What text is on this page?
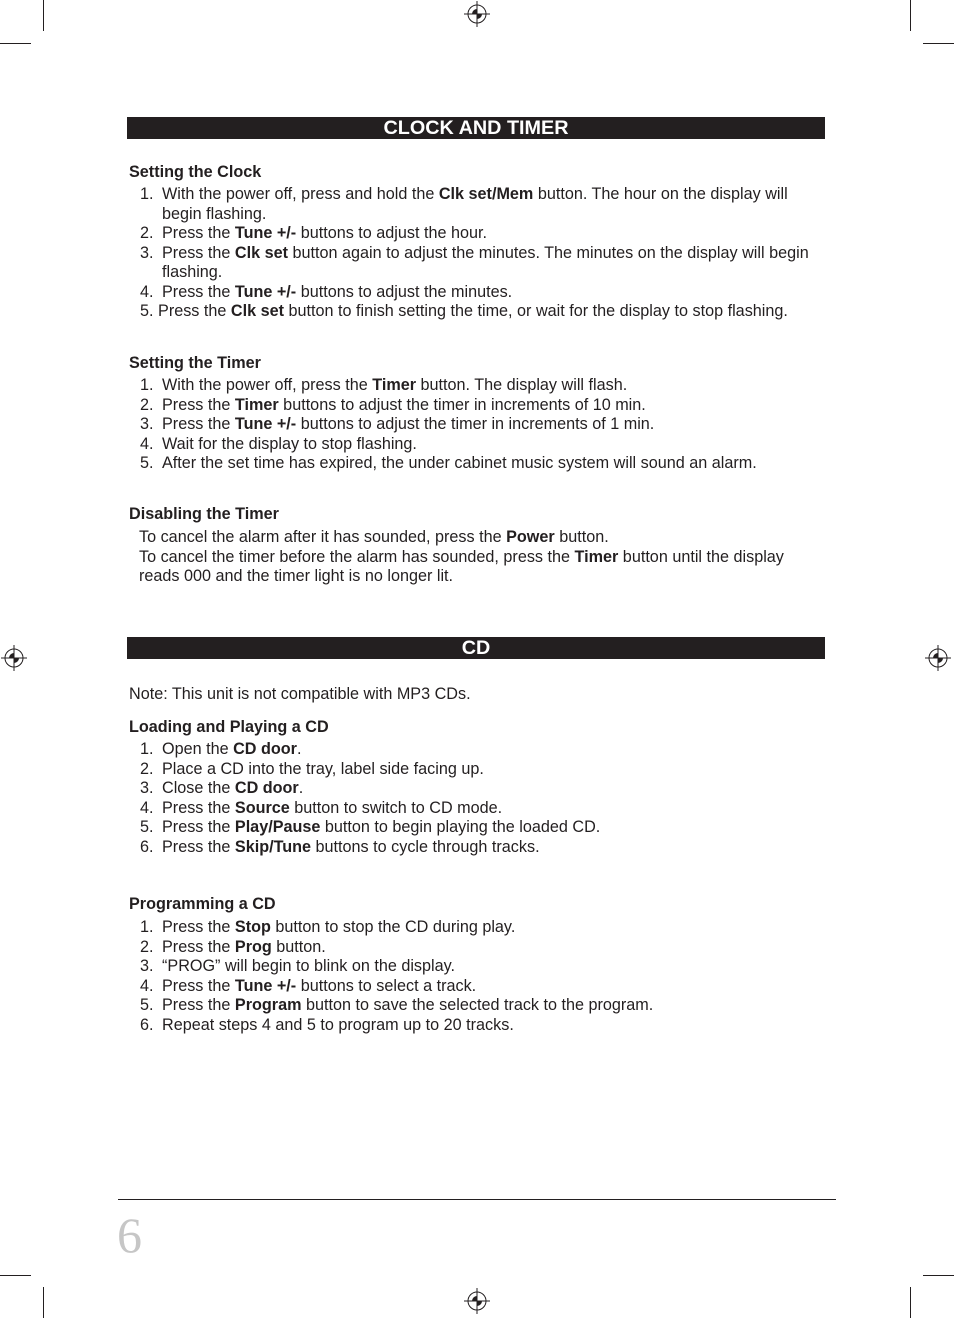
CLOCK AND TIMER
Setting the Clock
1. With the power off, press and hold the Clk set/Mem button. The hour on the display will begin flashing.
2. Press the Tune +/- buttons to adjust the hour.
3. Press the Clk set button again to adjust the minutes. The minutes on the display will begin flashing.
4. Press the Tune +/- buttons to adjust the minutes.
5. Press the Clk set button to finish setting the time, or wait for the display to stop flashing.
Setting the Timer
1. With the power off, press the Timer button. The display will flash.
2. Press the Timer buttons to adjust the timer in increments of 10 min.
3. Press the Tune +/- buttons to adjust the timer in increments of 1 min.
4. Wait for the display to stop flashing.
5. After the set time has expired, the under cabinet music system will sound an alarm.
Disabling the Timer

To cancel the alarm after it has sounded, press the Power button.

To cancel the timer before the alarm has sounded, press the Timer button until the display reads 000 and the timer light is no longer lit.

CD
Note: This unit is not compatible with MP3 CDs.
Loading and Playing a CD
1. Open the CD door.
2. Place a CD into the tray, label side facing up.
3. Close the CD door.
4. Press the Source button to switch to CD mode.
5. Press the Play/Pause button to begin playing the loaded CD.
6. Press the Skip/Tune buttons to cycle through tracks.
Programming a CD
1. Press the Stop button to stop the CD during play.
2. Press the Prog button.
3. “PROG” will begin to blink on the display.
4. Press the Tune +/- buttons to select a track.
5. Press the Program button to save the selected track to the program.
6. Repeat steps 4 and 5 to program up to 20 tracks.
6
